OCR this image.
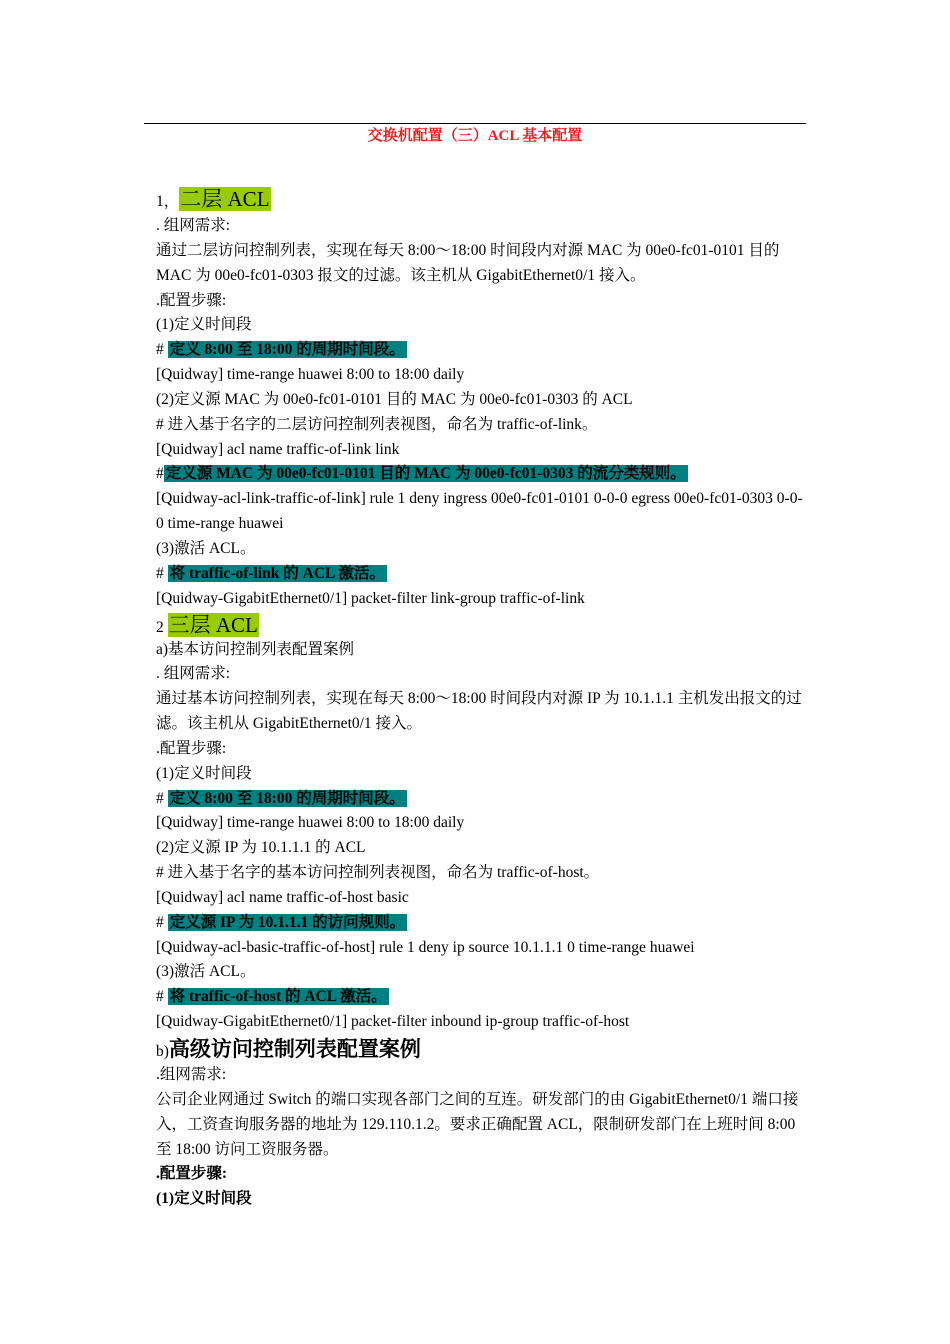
交换机配置（三）ACL 基本配置
1，二层 ACL
. 组网需求:
通过二层访问控制列表，实现在每天 8:00～18:00 时间段内对源 MAC 为 00e0-fc01-0101 目的 MAC 为 00e0-fc01-0303 报文的过滤。该主机从 GigabitEthernet0/1 接入。
.配置步骤:
(1)定义时间段
# 定义 8:00 至 18:00 的周期时间段。
[Quidway] time-range huawei 8:00 to 18:00 daily
(2)定义源 MAC 为 00e0-fc01-0101 目的 MAC 为 00e0-fc01-0303 的 ACL
# 进入基于名字的二层访问控制列表视图，命名为 traffic-of-link。
[Quidway] acl name traffic-of-link link
# 定义源 MAC 为 00e0-fc01-0101 目的 MAC 为 00e0-fc01-0303 的流分类规则。
[Quidway-acl-link-traffic-of-link] rule 1 deny ingress 00e0-fc01-0101 0-0-0 egress 00e0-fc01-0303 0-0-0 time-range huawei
(3)激活 ACL。
# 将 traffic-of-link 的 ACL 激活。
[Quidway-GigabitEthernet0/1] packet-filter link-group traffic-of-link
2 三层 ACL
a)基本访问控制列表配置案例
. 组网需求:
通过基本访问控制列表，实现在每天 8:00～18:00 时间段内对源 IP 为 10.1.1.1 主机发出报文的过滤。该主机从 GigabitEthernet0/1 接入。
.配置步骤:
(1)定义时间段
# 定义 8:00 至 18:00 的周期时间段。
[Quidway] time-range huawei 8:00 to 18:00 daily
(2)定义源 IP 为 10.1.1.1 的 ACL
# 进入基于名字的基本访问控制列表视图，命名为 traffic-of-host。
[Quidway] acl name traffic-of-host basic
# 定义源 IP 为 10.1.1.1 的访问规则。
[Quidway-acl-basic-traffic-of-host] rule 1 deny ip source 10.1.1.1 0 time-range huawei
(3)激活 ACL。
# 将 traffic-of-host 的 ACL 激活。
[Quidway-GigabitEthernet0/1] packet-filter inbound ip-group traffic-of-host
b)高级访问控制列表配置案例
.组网需求:
公司企业网通过 Switch 的端口实现各部门之间的互连。研发部门的由 GigabitEthernet0/1 端口接入，工资查询服务器的地址为 129.110.1.2。要求正确配置 ACL，限制研发部门在上班时间 8:00 至 18:00 访问工资服务器。
.配置步骤:
(1)定义时间段
